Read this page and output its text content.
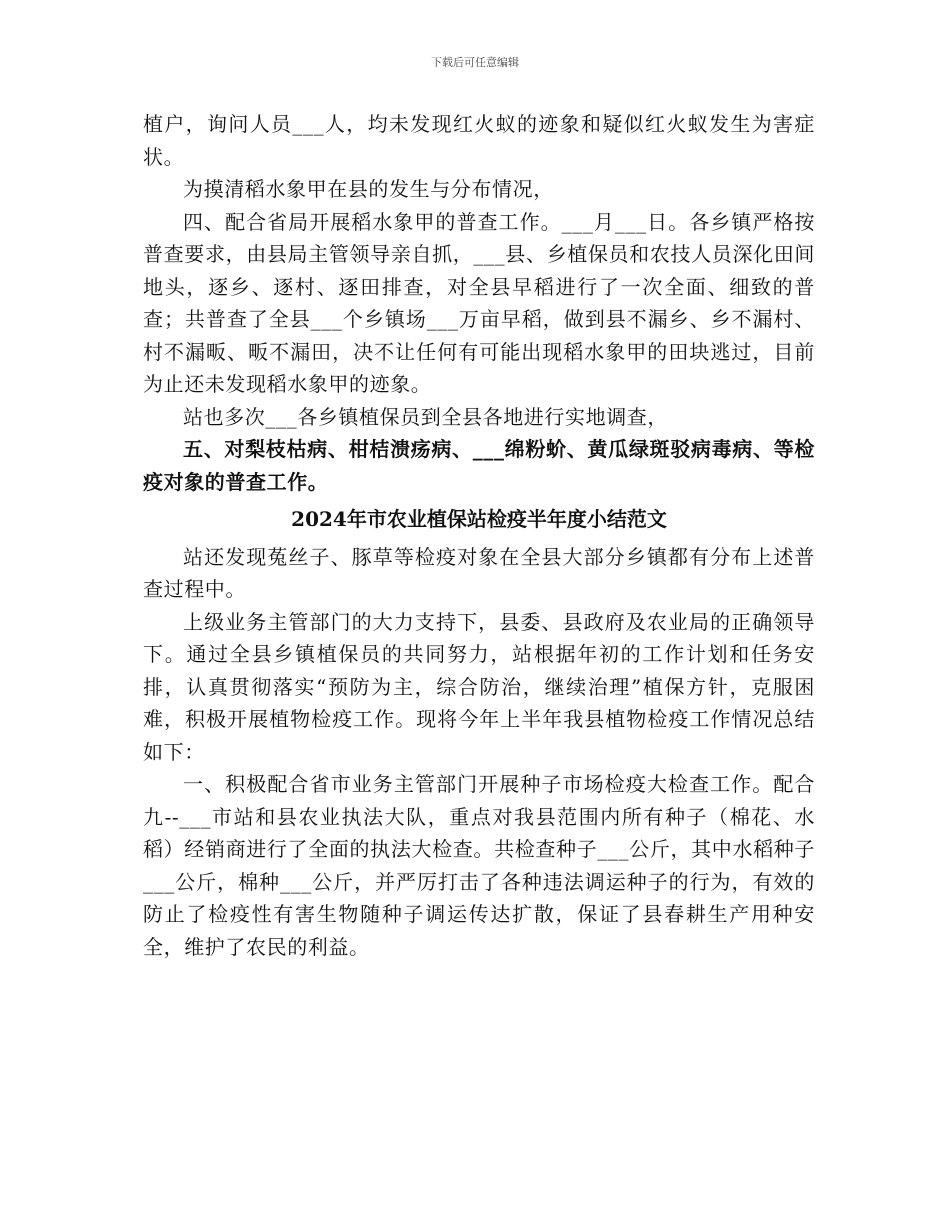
下载后可任意编辑

植户，询问人员___人，均未发现红火蚁的迹象和疑似红火蚁发生为害症状。

为摸清稻水象甲在县的发生与分布情况，

四、配合省局开展稻水象甲的普查工作。___月___日。各乡镇严格按普查要求，由县局主管领导亲自抓，___县、乡植保员和农技人员深化田间地头，逐乡、逐村、逐田排查，对全县早稻进行了一次全面、细致的普查；共普查了全县___个乡镇场___万亩早稻，做到县不漏乡、乡不漏村、村不漏畈、畈不漏田，决不让任何有可能出现稻水象甲的田块逃过，目前为止还未发现稻水象甲的迹象。

站也多次___各乡镇植保员到全县各地进行实地调查，

五、对梨枝枯病、柑桔溃疡病、___绵粉蚧、黄瓜绿斑驳病毒病、等检疫对象的普查工作。

2024年市农业植保站检疫半年度小结范文

站还发现菟丝子、豚草等检疫对象在全县大部分乡镇都有分布上述普查过程中。

上级业务主管部门的大力支持下，县委、县政府及农业局的正确领导下。通过全县乡镇植保员的共同努力，站根据年初的工作计划和任务安排，认真贯彻落实“预防为主，综合防治，继续治理”植保方针，克服困难，积极开展植物检疫工作。现将今年上半年我县植物检疫工作情况总结如下：

一、积极配合省市业务主管部门开展种子市场检疫大检查工作。配合九--___市站和县农业执法大队，重点对我县范围内所有种子（棉花、水稻）经销商进行了全面的执法大检查。共检查种子___公斤，其中水稻种子___公斤，棉种___公斤，并严厉打击了各种违法调运种子的行为，有效的防止了检疫性有害生物随种子调运传达扩散，保证了县春耕生产用种安全，维护了农民的利益。
